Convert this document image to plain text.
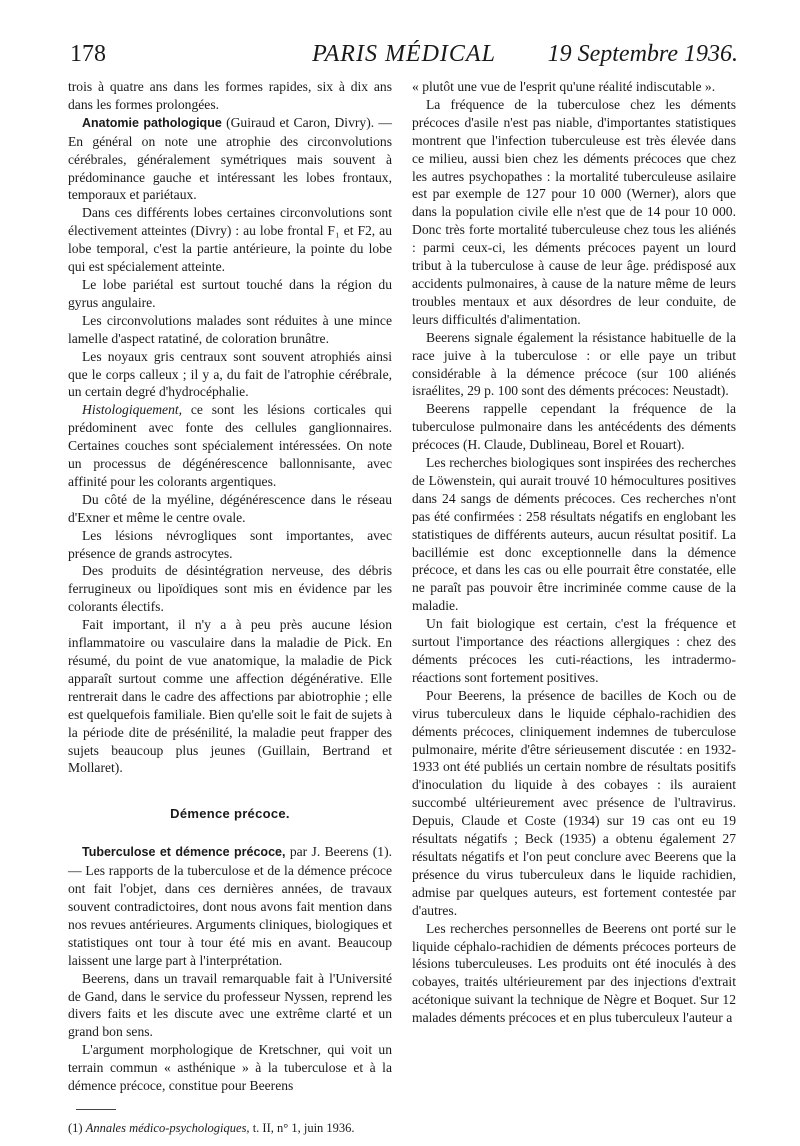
178	PARIS MÉDICAL	19 Septembre 1936.

trois à quatre ans dans les formes rapides, six à dix ans dans les formes prolongées.

Anatomie pathologique (Guiraud et Caron, Divry). — En général on note une atrophie des circonvolutions cérébrales, généralement symétriques mais souvent à prédominance gauche et intéressant les lobes frontaux, temporaux et pariétaux.

Dans ces différents lobes certaines circonvolutions sont électivement atteintes (Divry) : au lobe frontal F₁ et F2, au lobe temporal, c'est la partie antérieure, la pointe du lobe qui est spécialement atteinte.

Le lobe pariétal est surtout touché dans la région du gyrus angulaire.

Les circonvolutions malades sont réduites à une mince lamelle d'aspect ratatiné, de coloration brunâtre.

Les noyaux gris centraux sont souvent atrophiés ainsi que le corps calleux ; il y a, du fait de l'atrophie cérébrale, un certain degré d'hydrocéphalie.

Histologiquement, ce sont les lésions corticales qui prédominent avec fonte des cellules ganglionnaires. Certaines couches sont spécialement intéressées. On note un processus de dégénérescence ballonnisante, avec affinité pour les colorants argentiques.

Du côté de la myéline, dégénérescence dans le réseau d'Exner et même le centre ovale.

Les lésions névrogliques sont importantes, avec présence de grands astrocytes.

Des produits de désintégration nerveuse, des débris ferrugineux ou lipoïdiques sont mis en évidence par les colorants électifs.

Fait important, il n'y a à peu près aucune lésion inflammatoire ou vasculaire dans la maladie de Pick. En résumé, du point de vue anatomique, la maladie de Pick apparaît surtout comme une affection dégénérative. Elle rentrerait dans le cadre des affections par abiotrophie ; elle est quelquefois familiale. Bien qu'elle soit le fait de sujets à la période dite de présénilité, la maladie peut frapper des sujets beaucoup plus jeunes (Guillain, Bertrand et Mollaret).

Démence précoce.

Tuberculose et démence précoce, par J. Beerens (1). — Les rapports de la tuberculose et de la démence précoce ont fait l'objet, dans ces dernières années, de travaux souvent contradictoires, dont nous avons fait mention dans nos revues antérieures. Arguments cliniques, biologiques et statistiques ont tour à tour été mis en avant. Beaucoup laissent une large part à l'interprétation.

Beerens, dans un travail remarquable fait à l'Université de Gand, dans le service du professeur Nyssen, reprend les divers faits et les discute avec une extrême clarté et un grand bon sens.

L'argument morphologique de Kretschner, qui voit un terrain commun « asthénique » à la tuberculose et à la démence précoce, constitue pour Beerens

(1) Annales médico-psychologiques, t. II, n° 1, juin 1936.

« plutôt une vue de l'esprit qu'une réalité indiscutable ».

La fréquence de la tuberculose chez les déments précoces d'asile n'est pas niable, d'importantes statistiques montrent que l'infection tuberculeuse est très élevée dans ce milieu, aussi bien chez les déments précoces que chez les autres psychopathes : la mortalité tuberculeuse asilaire est par exemple de 127 pour 10 000 (Werner), alors que dans la population civile elle n'est que de 14 pour 10 000. Donc très forte mortalité tuberculeuse chez tous les aliénés : parmi ceux-ci, les déments précoces payent un lourd tribut à la tuberculose à cause de leur âge. prédisposé aux accidents pulmonaires, à cause de la nature même de leurs troubles mentaux et aux désordres de leur conduite, de leurs difficultés d'alimentation.

Beerens signale également la résistance habituelle de la race juive à la tuberculose : or elle paye un tribut considérable à la démence précoce (sur 100 aliénés israélites, 29 p. 100 sont des déments précoces: Neustadt).

Beerens rappelle cependant la fréquence de la tuberculose pulmonaire dans les antécédents des déments précoces (H. Claude, Dublineau, Borel et Rouart).

Les recherches biologiques sont inspirées des recherches de Löwenstein, qui aurait trouvé 10 hémocultures positives dans 24 sangs de déments précoces. Ces recherches n'ont pas été confirmées : 258 résultats négatifs en englobant les statistiques de différents auteurs, aucun résultat positif. La bacillémie est donc exceptionnelle dans la démence précoce, et dans les cas ou elle pourrait être constatée, elle ne paraît pas pouvoir être incriminée comme cause de la maladie.

Un fait biologique est certain, c'est la fréquence et surtout l'importance des réactions allergiques : chez des déments précoces les cuti-réactions, les intradermo-réactions sont fortement positives.

Pour Beerens, la présence de bacilles de Koch ou de virus tuberculeux dans le liquide céphalo-rachidien des déments précoces, cliniquement indemnes de tuberculose pulmonaire, mérite d'être sérieusement discutée : en 1932-1933 ont été publiés un certain nombre de résultats positifs d'inoculation du liquide à des cobayes : ils auraient succombé ultérieurement avec présence de l'ultravirus. Depuis, Claude et Coste (1934) sur 19 cas ont eu 19 résultats négatifs ; Beck (1935) a obtenu également 27 résultats négatifs et l'on peut conclure avec Beerens que la présence du virus tuberculeux dans le liquide rachidien, admise par quelques auteurs, est fortement contestée par d'autres.

Les recherches personnelles de Beerens ont porté sur le liquide céphalo-rachidien de déments précoces porteurs de lésions tuberculeuses. Les produits ont été inoculés à des cobayes, traités ultérieurement par des injections d'extrait acétonique suivant la technique de Nègre et Boquet. Sur 12 malades déments précoces et en plus tuberculeux l'auteur a
